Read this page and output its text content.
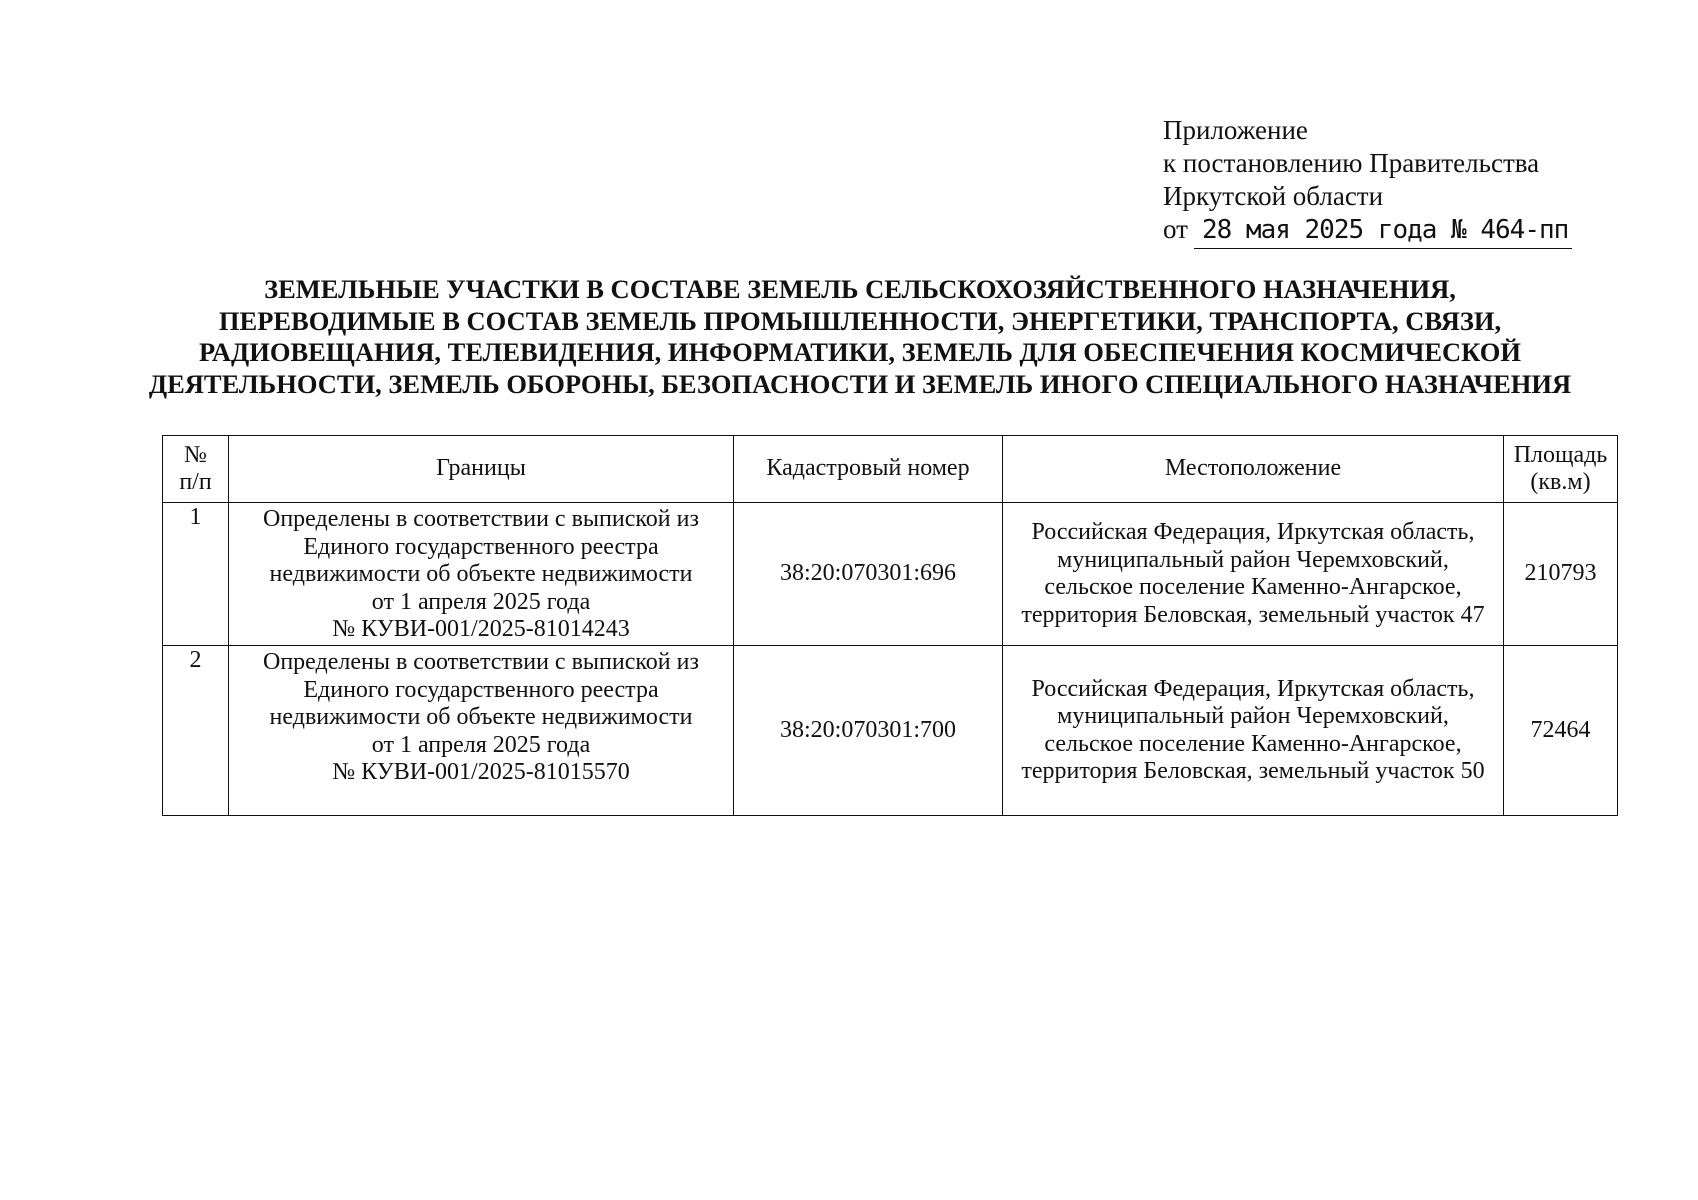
Приложение
к постановлению Правительства
Иркутской области
от 28 мая 2025 года № 464-пп
ЗЕМЕЛЬНЫЕ УЧАСТКИ В СОСТАВЕ ЗЕМЕЛЬ СЕЛЬСКОХОЗЯЙСТВЕННОГО НАЗНАЧЕНИЯ,
ПЕРЕВОДИМЫЕ В СОСТАВ ЗЕМЕЛЬ ПРОМЫШЛЕННОСТИ, ЭНЕРГЕТИКИ, ТРАНСПОРТА, СВЯЗИ,
РАДИОВЕЩАНИЯ, ТЕЛЕВИДЕНИЯ, ИНФОРМАТИКИ, ЗЕМЕЛЬ ДЛЯ ОБЕСПЕЧЕНИЯ КОСМИЧЕСКОЙ
ДЕЯТЕЛЬНОСТИ, ЗЕМЕЛЬ ОБОРОНЫ, БЕЗОПАСНОСТИ И ЗЕМЕЛЬ ИНОГО СПЕЦИАЛЬНОГО НАЗНАЧЕНИЯ
№
п/п	Границы	Кадастровый номер	Местоположение	Площадь
(кв.м)

1	Определены в соответствии с выпиской из
Единого государственного реестра
недвижимости об объекте недвижимости
от 1 апреля 2025 года
№ КУВИ-001/2025-81014243	38:20:070301:696	Российская Федерация, Иркутская область,
муниципальный район Черемховский,
сельское поселение Каменно-Ангарское,
территория Беловская, земельный участок 47	210793
2	Определены в соответствии с выпиской из
Единого государственного реестра
недвижимости об объекте недвижимости
от 1 апреля 2025 года
№ КУВИ-001/2025-81015570	38:20:070301:700	Российская Федерация, Иркутская область,
муниципальный район Черемховский,
сельское поселение Каменно-Ангарское,
территория Беловская, земельный участок 50	72464
